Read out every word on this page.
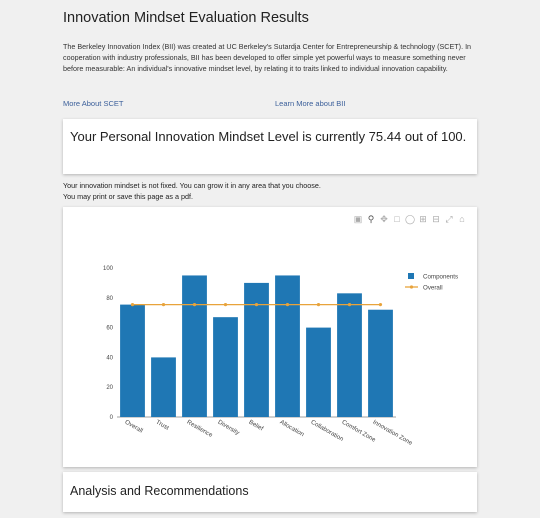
Innovation Mindset Evaluation Results
The Berkeley Innovation Index (BII) was created at UC Berkeley's Sutardja Center for Entrepreneurship & technology (SCET). In cooperation with industry professionals, BII has been developed to offer simple yet powerful ways to measure something never before measurable: An individual's innovative mindset level, by relating it to traits linked to individual innovation capability.
More About SCET	Learn More about BII
Your Personal Innovation Mindset Level is currently 75.44 out of 100.
Your innovation mindset is not fixed. You can grow it in any area that you choose.
You may print or save this page as a pdf.
▣ ⚲ ✥ □ ◯ ⊞ ⊟ ⤢ ⌂
0
20
40
60
80
100
Overall Trust Resilience Diversity Belief Allocation Collaboration
Comfort Zone
Innovation Zone
Components
Overall
Analysis and Recommendations
